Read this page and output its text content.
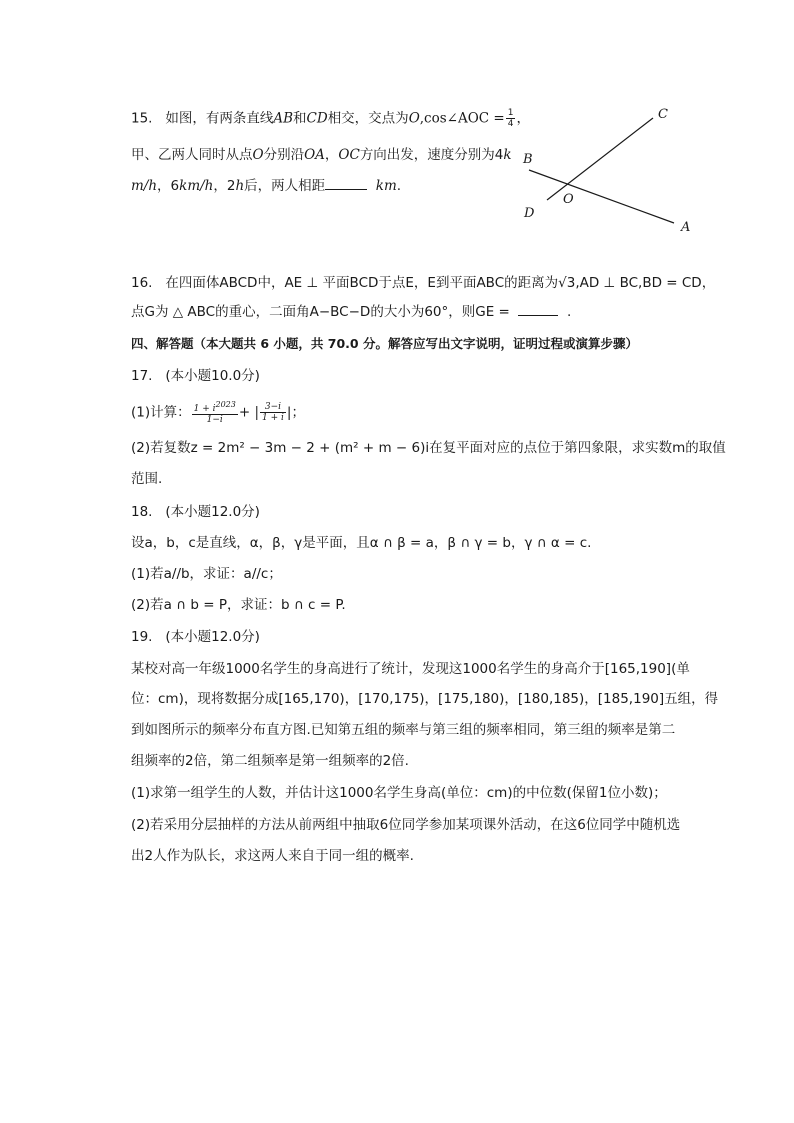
15. 如图，有两条直线AB和CD相交，交点为O,cos∠AOC = $\frac{1}{4}$ ，
甲、乙两人同时从点O分别沿OA，OC方向出发，速度分别为4k
m/h，6km/h，2h后，两人相距	km.
C
B
O
D
A
16. 在四面体ABCD中，AE ⊥ 平面BCD于点E，E到平面ABC的距离为√3,AD ⊥ BC,BD = CD，
点G为 △ ABC的重心，二面角A−BC−D的大小为60°，则GE =	.
四、解答题（本大题共 6 小题，共 70.0 分。解答应写出文字说明，证明过程或演算步骤）
17. (本小题10.0分)
(1)计算： $\frac{1 + i^{2023}}{1-i}$ + | $\frac{3-i}{1 + i}$ |；
(2)若复数z = 2m² − 3m − 2 + (m² + m − 6)i在复平面对应的点位于第四象限，求实数m的取值
范围.
18. (本小题12.0分)
设a，b，c是直线，α，β，γ是平面，且α ∩ β = a，β ∩ γ = b，γ ∩ α = c.
(1)若a//b，求证：a//c；
(2)若a ∩ b = P，求证：b ∩ c = P.
19. (本小题12.0分)
某校对高一年级1000名学生的身高进行了统计，发现这1000名学生的身高介于[165,190](单
位：cm)，现将数据分成[165,170)，[170,175)，[175,180)，[180,185)，[185,190]五组，得
到如图所示的频率分布直方图.已知第五组的频率与第三组的频率相同，第三组的频率是第二
组频率的2倍，第二组频率是第一组频率的2倍.
(1)求第一组学生的人数，并估计这1000名学生身高(单位：cm)的中位数(保留1位小数)；
(2)若采用分层抽样的方法从前两组中抽取6位同学参加某项课外活动，在这6位同学中随机选
出2人作为队长，求这两人来自于同一组的概率.
